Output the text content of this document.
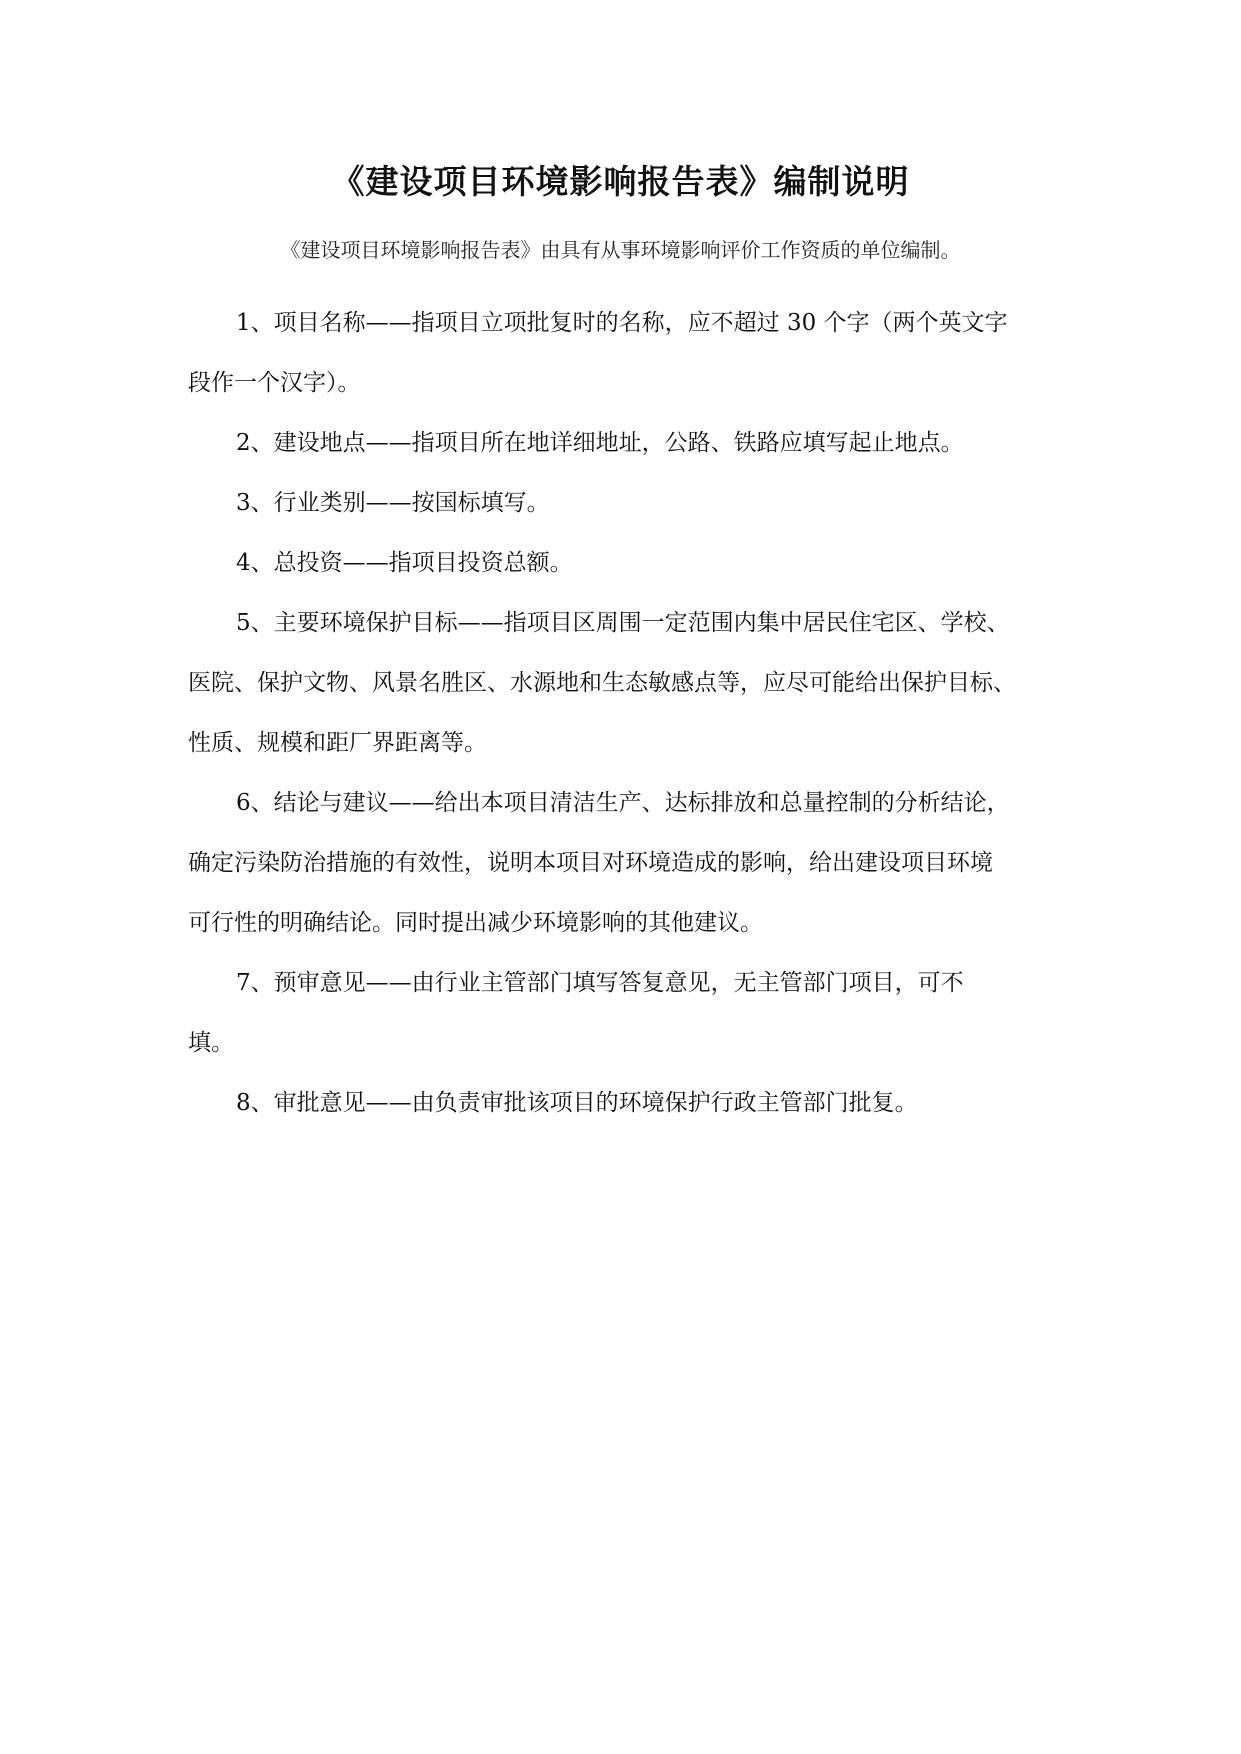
《建设项目环境影响报告表》编制说明
《建设项目环境影响报告表》由具有从事环境影响评价工作资质的单位编制。

1、项目名称——指项目立项批复时的名称，应不超过 30 个字（两个英文字
段作一个汉字）。

2、建设地点——指项目所在地详细地址，公路、铁路应填写起止地点。

3、行业类别——按国标填写。

4、总投资——指项目投资总额。

5、主要环境保护目标——指项目区周围一定范围内集中居民住宅区、学校、
医院、保护文物、风景名胜区、水源地和生态敏感点等，应尽可能给出保护目标、
性质、规模和距厂界距离等。

6、结论与建议——给出本项目清洁生产、达标排放和总量控制的分析结论，
确定污染防治措施的有效性，说明本项目对环境造成的影响，给出建设项目环境
可行性的明确结论。同时提出减少环境影响的其他建议。

7、预审意见——由行业主管部门填写答复意见，无主管部门项目，可不
填。

8、审批意见——由负责审批该项目的环境保护行政主管部门批复。
